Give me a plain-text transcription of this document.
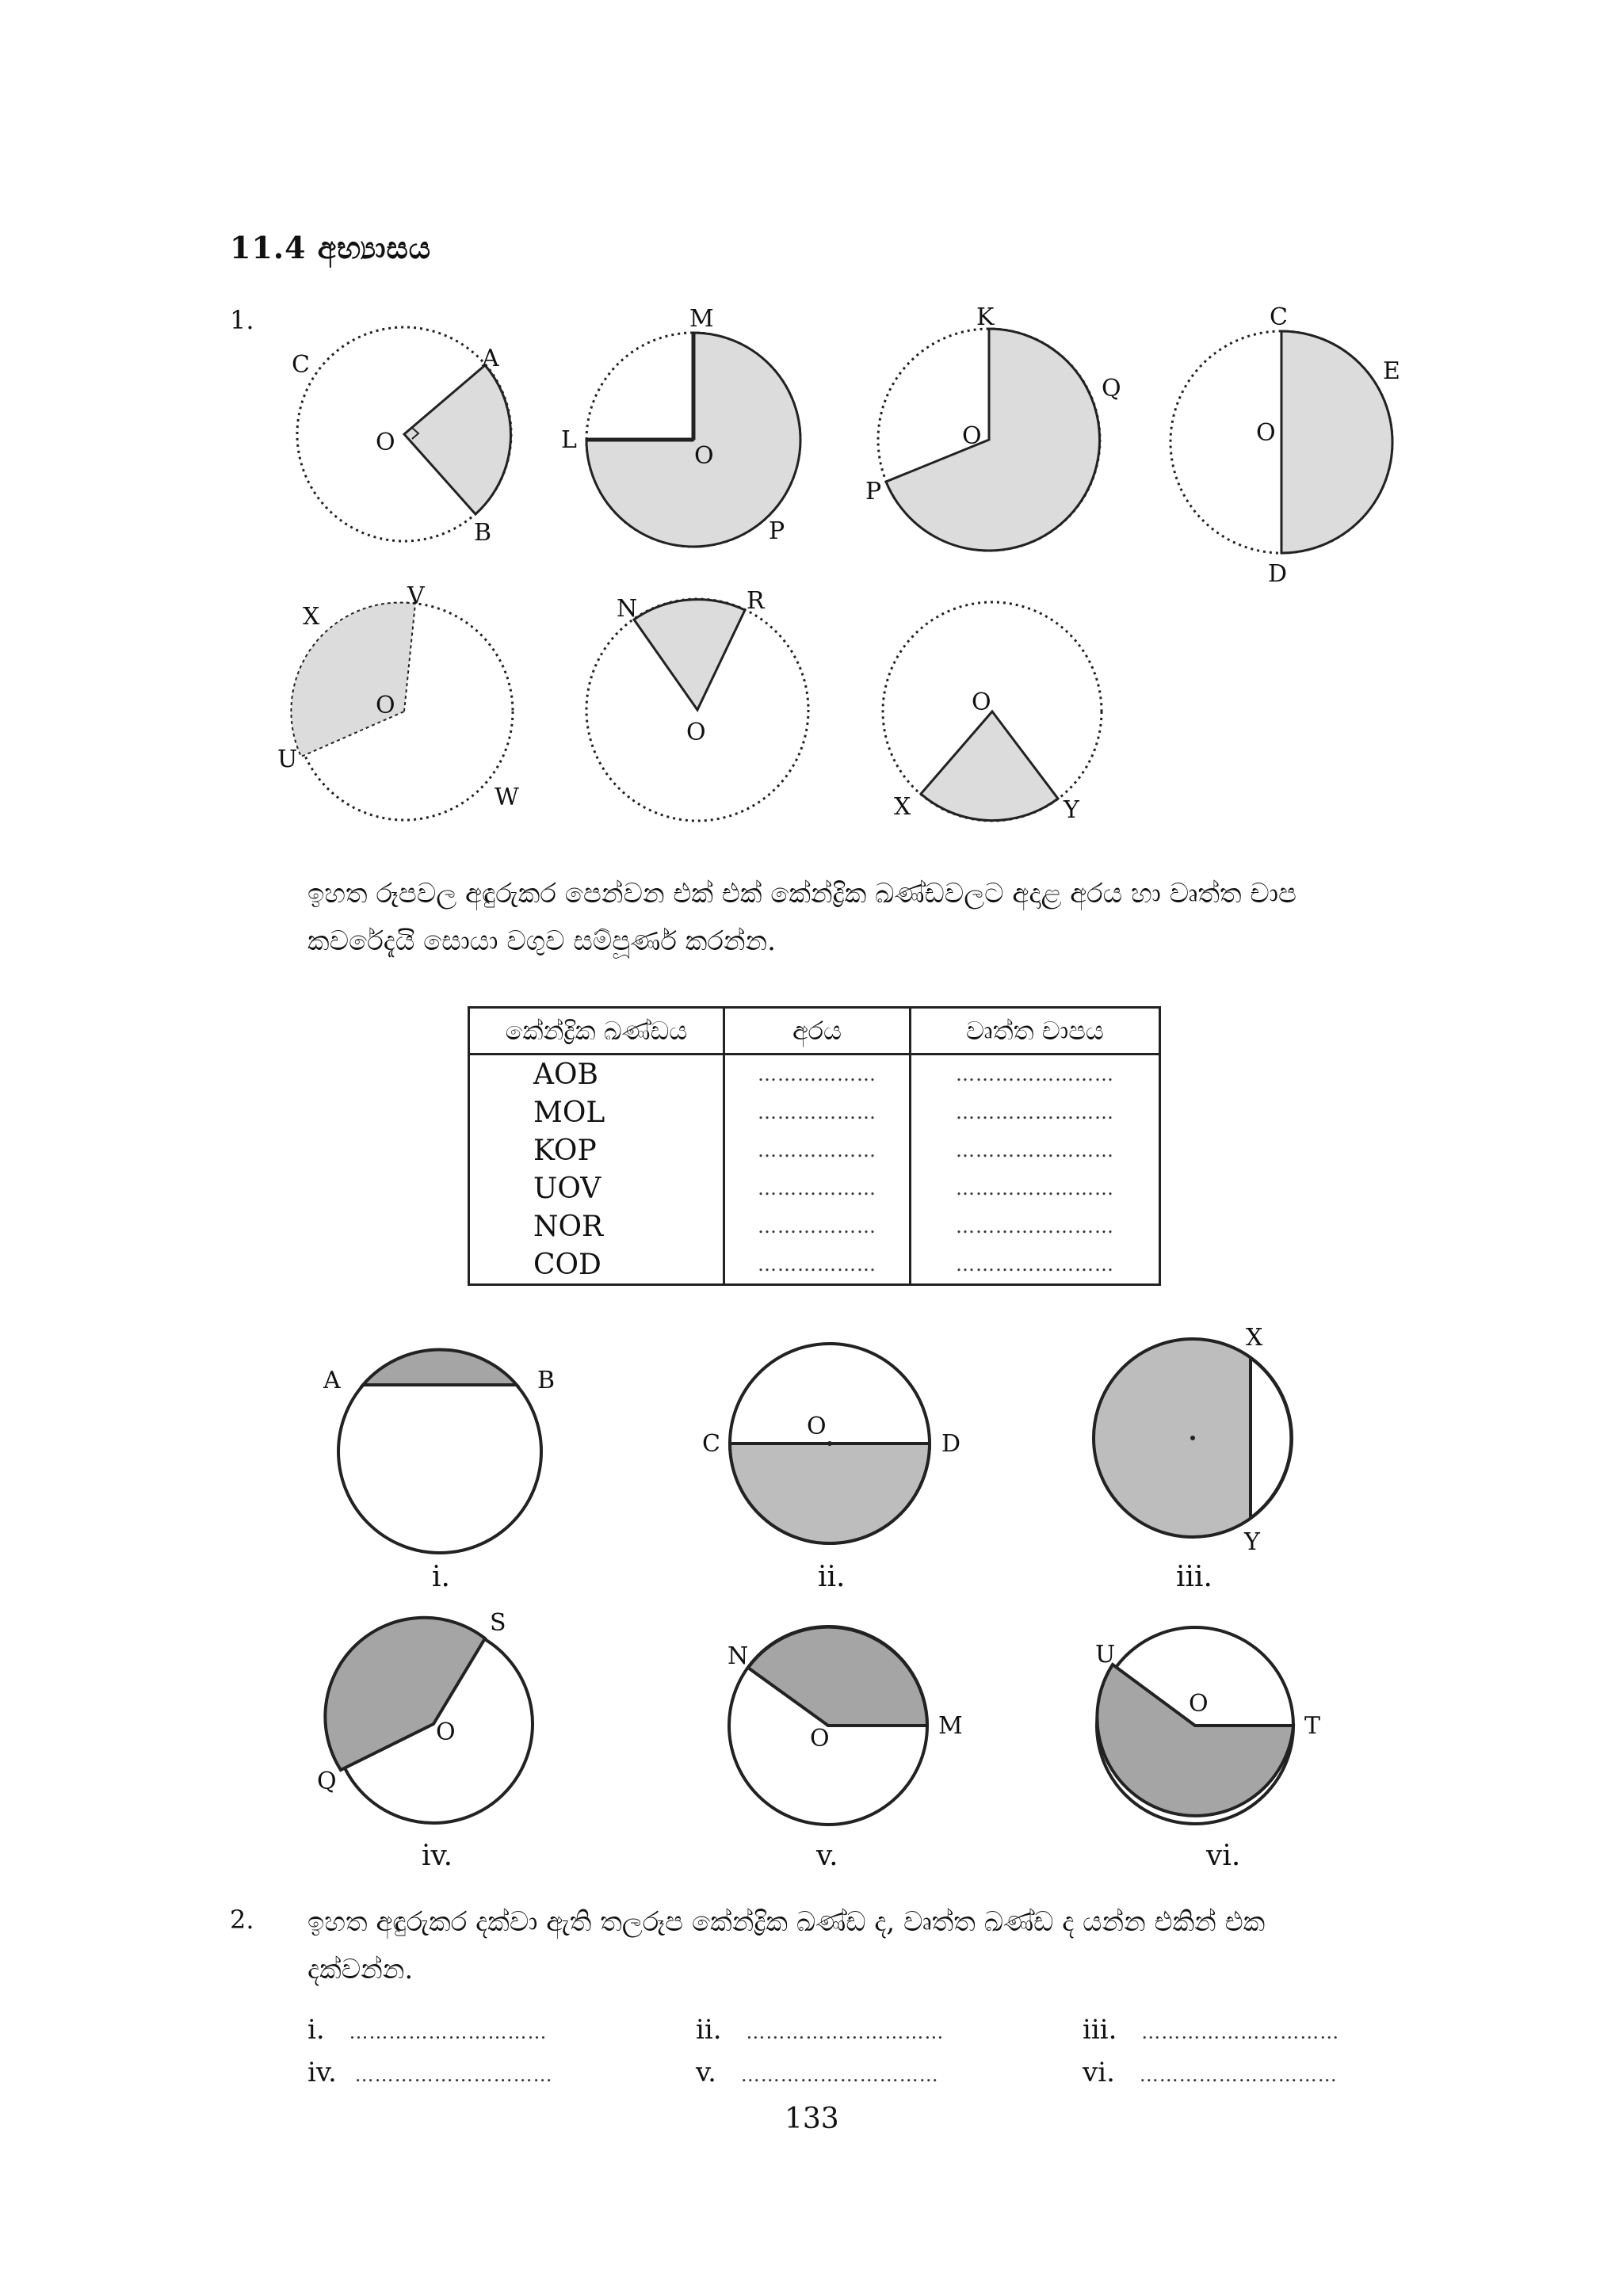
11.4 අභ්‍යාසය
1.
C	A
O
B
M
L
O
P
K
Q
O
P
C
E
O
D
X
V
O
U
W
N	R
O
O
X	Y
ඉහත රූපවල අඳුරුකර පෙන්වන එක් එක් කේන්ද්‍රික ඛණ්ඩවලට අදාළ අරය හා වෘත්ත චාප
කවරේදැයි සොයා වගුව සම්පූර්ණ කරන්න.
කේන්ද්‍රික ඛණ්ඩය	අරය	වෘත්ත චාපය
AOB	………………	……………………
MOL	………………	……………………
KOP	………………	……………………
UOV	………………	……………………
NOR	………………	……………………
COD	………………	……………………
A	B
i.
C
O
D
ii.
X
Y
iii.
S
O
Q
iv.
N
O	M
v.
U
O
T
vi.
2. ඉහත අඳුරුකර දක්වා ඇති තලරූප කේන්ද්‍රික ඛණ්ඩ ද, වෘත්ත ඛණ්ඩ ද යන්න එකින් එක
දක්වන්න.
i. …………………………	ii. …………………………	iii. …………………………
iv. …………………………	v. …………………………	vi. …………………………
133
